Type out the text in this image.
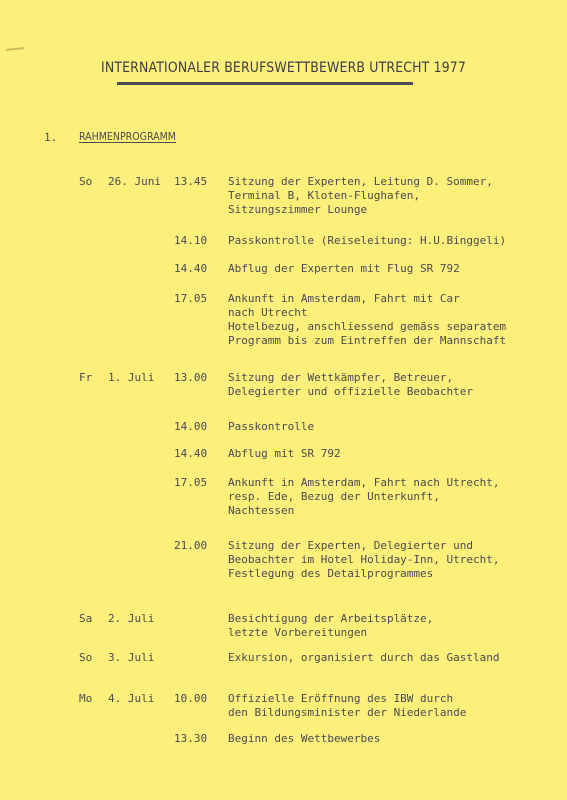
INTERNATIONALER BERUFSWETTBEWERB UTRECHT 1977
1. RAHMENPROGRAMM
So 26. Juni 13.45 Sitzung der Experten, Leitung D. Sommer,
Terminal B, Kloten-Flughafen,
Sitzungszimmer Lounge
14.10 Passkontrolle (Reiseleitung: H.U.Binggeli)
14.40 Abflug der Experten mit Flug SR 792
17.05 Ankunft in Amsterdam, Fahrt mit Car
nach Utrecht
Hotelbezug, anschliessend gemäss separatem
Programm bis zum Eintreffen der Mannschaft
Fr 1. Juli 13.00 Sitzung der Wettkämpfer, Betreuer,
Delegierter und offizielle Beobachter
14.00 Passkontrolle
14.40 Abflug mit SR 792
17.05 Ankunft in Amsterdam, Fahrt nach Utrecht,
resp. Ede, Bezug der Unterkunft,
Nachtessen
21.00 Sitzung der Experten, Delegierter und
Beobachter im Hotel Holiday-Inn, Utrecht,
Festlegung des Detailprogrammes
Sa 2. Juli	Besichtigung der Arbeitsplätze,
letzte Vorbereitungen
So 3. Juli	Exkursion, organisiert durch das Gastland
Mo 4. Juli 10.00 Offizielle Eröffnung des IBW durch
den Bildungsminister der Niederlande
13.30 Beginn des Wettbewerbes
